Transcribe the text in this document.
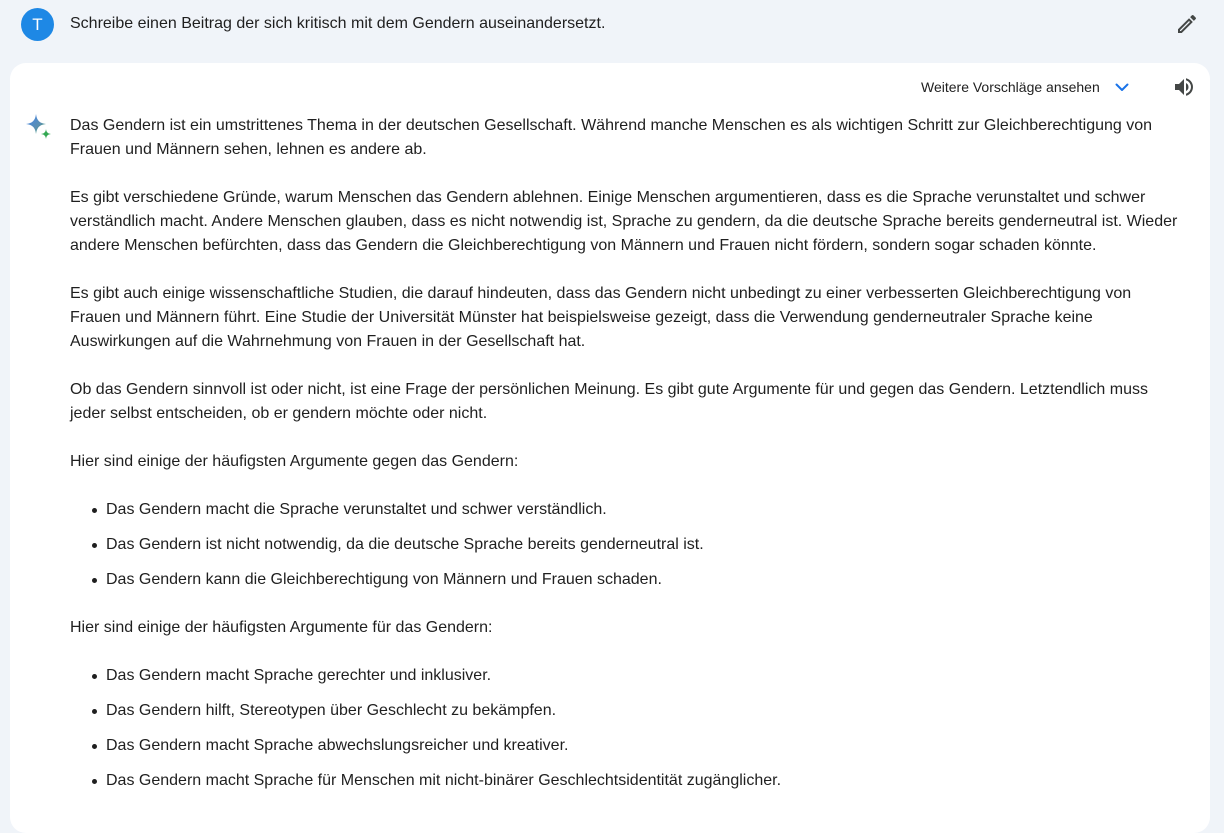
T	Schreibe einen Beitrag der sich kritisch mit dem Gendern auseinandersetzt.
Weitere Vorschläge ansehen

Das Gendern ist ein umstrittenes Thema in der deutschen Gesellschaft. Während manche Menschen es als wichtigen Schritt zur Gleichberechtigung von Frauen und Männern sehen, lehnen es andere ab.

Es gibt verschiedene Gründe, warum Menschen das Gendern ablehnen. Einige Menschen argumentieren, dass es die Sprache verunstaltet und schwer verständlich macht. Andere Menschen glauben, dass es nicht notwendig ist, Sprache zu gendern, da die deutsche Sprache bereits genderneutral ist. Wieder andere Menschen befürchten, dass das Gendern die Gleichberechtigung von Männern und Frauen nicht fördern, sondern sogar schaden könnte.

Es gibt auch einige wissenschaftliche Studien, die darauf hindeuten, dass das Gendern nicht unbedingt zu einer verbesserten Gleichberechtigung von Frauen und Männern führt. Eine Studie der Universität Münster hat beispielsweise gezeigt, dass die Verwendung genderneutraler Sprache keine Auswirkungen auf die Wahrnehmung von Frauen in der Gesellschaft hat.

Ob das Gendern sinnvoll ist oder nicht, ist eine Frage der persönlichen Meinung. Es gibt gute Argumente für und gegen das Gendern. Letztendlich muss jeder selbst entscheiden, ob er gendern möchte oder nicht.

Hier sind einige der häufigsten Argumente gegen das Gendern:

Das Gendern macht die Sprache verunstaltet und schwer verständlich.
Das Gendern ist nicht notwendig, da die deutsche Sprache bereits genderneutral ist.
Das Gendern kann die Gleichberechtigung von Männern und Frauen schaden.

Hier sind einige der häufigsten Argumente für das Gendern:

Das Gendern macht Sprache gerechter und inklusiver.
Das Gendern hilft, Stereotypen über Geschlecht zu bekämpfen.
Das Gendern macht Sprache abwechslungsreicher und kreativer.
Das Gendern macht Sprache für Menschen mit nicht-binärer Geschlechtsidentität zugänglicher.
